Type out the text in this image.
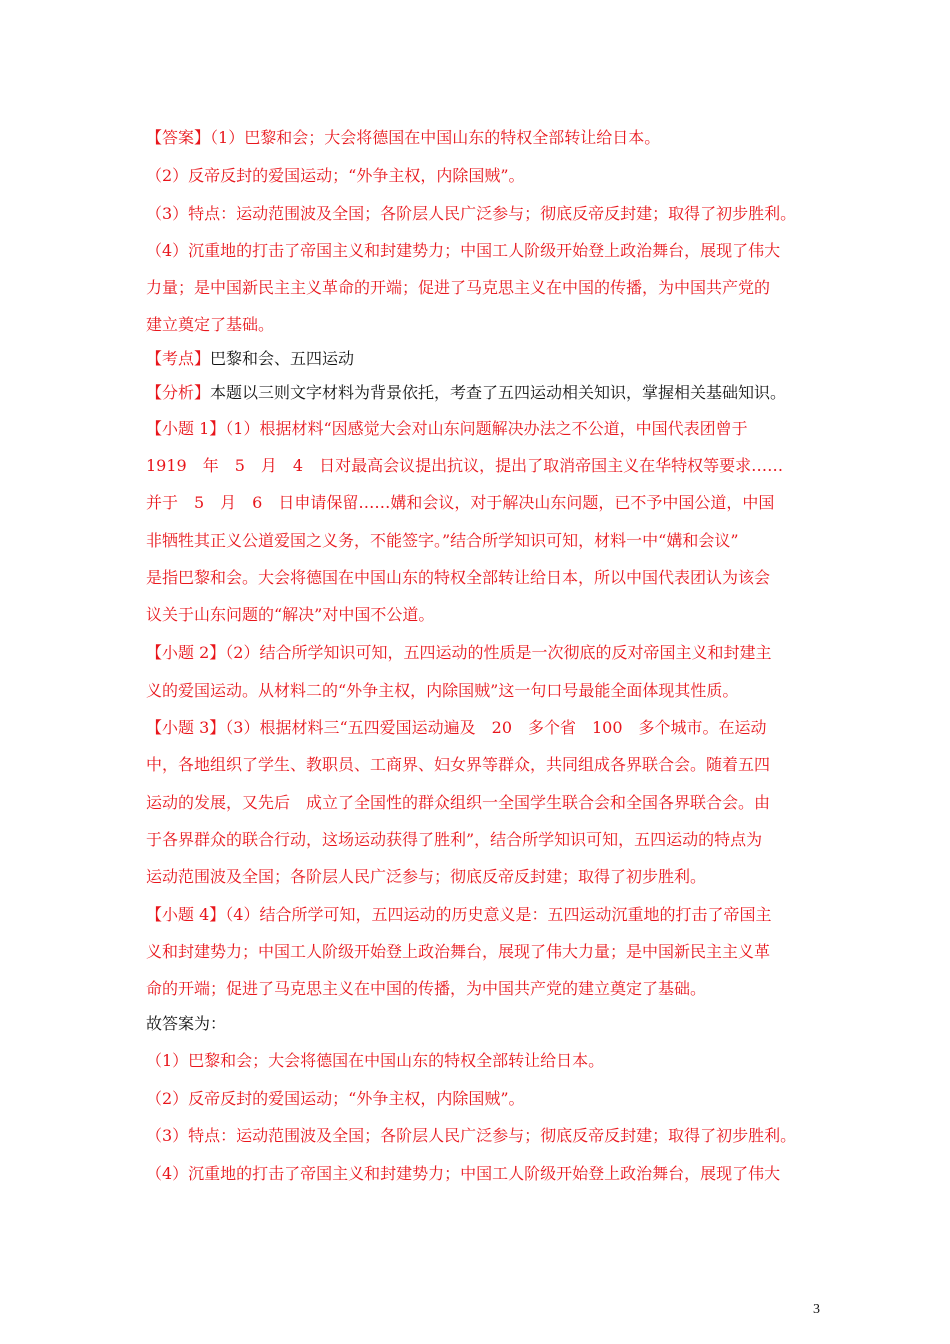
【答案】（1）巴黎和会；大会将德国在中国山东的特权全部转让给日本。
（2）反帝反封的爱国运动；“外争主权，内除国贼”。
（3）特点：运动范围波及全国；各阶层人民广泛参与；彻底反帝反封建；取得了初步胜利。
（4）沉重地的打击了帝国主义和封建势力；中国工人阶级开始登上政治舞台，展现了伟大
力量；是中国新民主主义革命的开端；促进了马克思主义在中国的传播，为中国共产党的
建立奠定了基础。
【考点】巴黎和会、五四运动
【分析】本题以三则文字材料为背景依托，考查了五四运动相关知识，掌握相关基础知识。
【小题 1】（1）根据材料“因感觉大会对山东问题解决办法之不公道，中国代表团曾于
1919　年　5　月　4　日对最高会议提出抗议，提出了取消帝国主义在华特权等要求……
并于　5　月　6　日申请保留……媾和会议，对于解决山东问题，已不予中国公道，中国
非牺牲其正义公道爱国之义务，不能签字。”结合所学知识可知，材料一中“媾和会议”
是指巴黎和会。大会将德国在中国山东的特权全部转让给日本，所以中国代表团认为该会
议关于山东问题的“解决”对中国不公道。
【小题 2】（2）结合所学知识可知，五四运动的性质是一次彻底的反对帝国主义和封建主
义的爱国运动。从材料二的“外争主权，内除国贼”这一句口号最能全面体现其性质。
【小题 3】（3）根据材料三“五四爱国运动遍及　20　多个省　100　多个城市。在运动
中，各地组织了学生、教职员、工商界、妇女界等群众，共同组成各界联合会。随着五四
运动的发展，又先后　成立了全国性的群众组织一全国学生联合会和全国各界联合会。由
于各界群众的联合行动，这场运动获得了胜利”，结合所学知识可知，五四运动的特点为
运动范围波及全国；各阶层人民广泛参与；彻底反帝反封建；取得了初步胜利。
【小题 4】（4）结合所学可知，五四运动的历史意义是：五四运动沉重地的打击了帝国主
义和封建势力；中国工人阶级开始登上政治舞台，展现了伟大力量；是中国新民主主义革
命的开端；促进了马克思主义在中国的传播，为中国共产党的建立奠定了基础。
故答案为：
（1）巴黎和会；大会将德国在中国山东的特权全部转让给日本。
（2）反帝反封的爱国运动；“外争主权，内除国贼”。
（3）特点：运动范围波及全国；各阶层人民广泛参与；彻底反帝反封建；取得了初步胜利。
（4）沉重地的打击了帝国主义和封建势力；中国工人阶级开始登上政治舞台，展现了伟大
3
